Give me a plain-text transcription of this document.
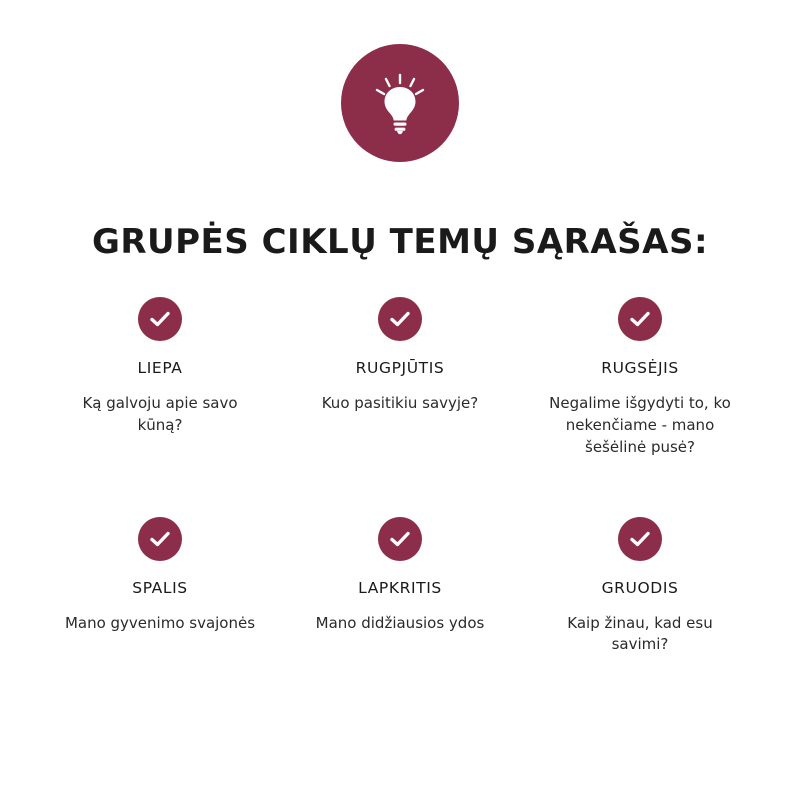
GRUPĖS CIKLŲ TEMŲ SĄRAŠAS:
LIEPA
Ką galvoju apie savo kūną?
RUGPJŪTIS
Kuo pasitikiu savyje?
RUGSĖJIS
Negalime išgydyti to, ko nekenčiame - mano šešėlinė pusė?
SPALIS
Mano gyvenimo svajonės
LAPKRITIS
Mano didžiausios ydos
GRUODIS
Kaip žinau, kad esu savimi?
